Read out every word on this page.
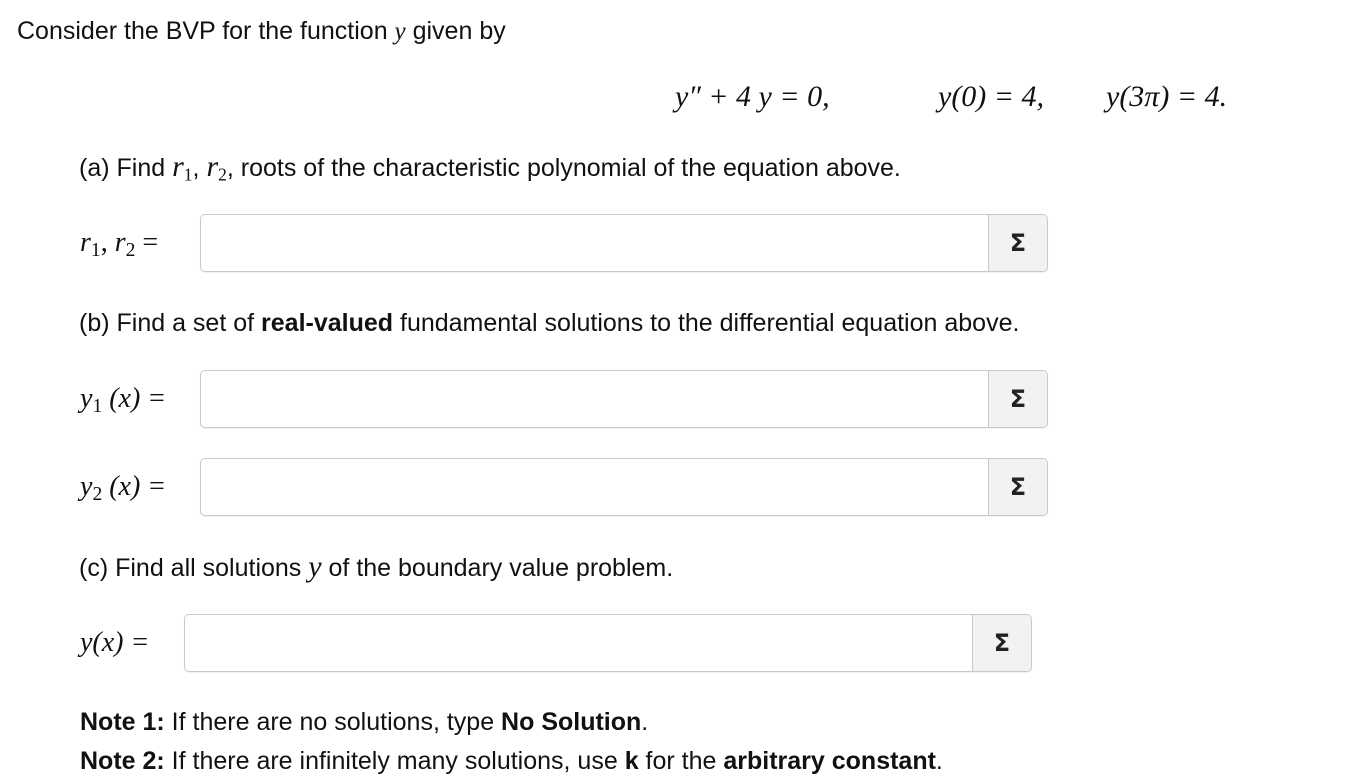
Consider the BVP for the function y given by
y″ + 4 y = 0,	y(0) = 4, y(3π) = 4.
(a) Find $r_1$, $r_2$, roots of the characteristic polynomial of the equation above.
$r_1$, $r_2$ =	Σ
(b) Find a set of real-valued fundamental solutions to the differential equation above.
$y_1$ (x) =	Σ
$y_2$ (x) =	Σ
(c) Find all solutions y of the boundary value problem.
y(x) =	Σ
Note 1: If there are no solutions, type No Solution.
Note 2: If there are infinitely many solutions, use k for the arbitrary constant.
